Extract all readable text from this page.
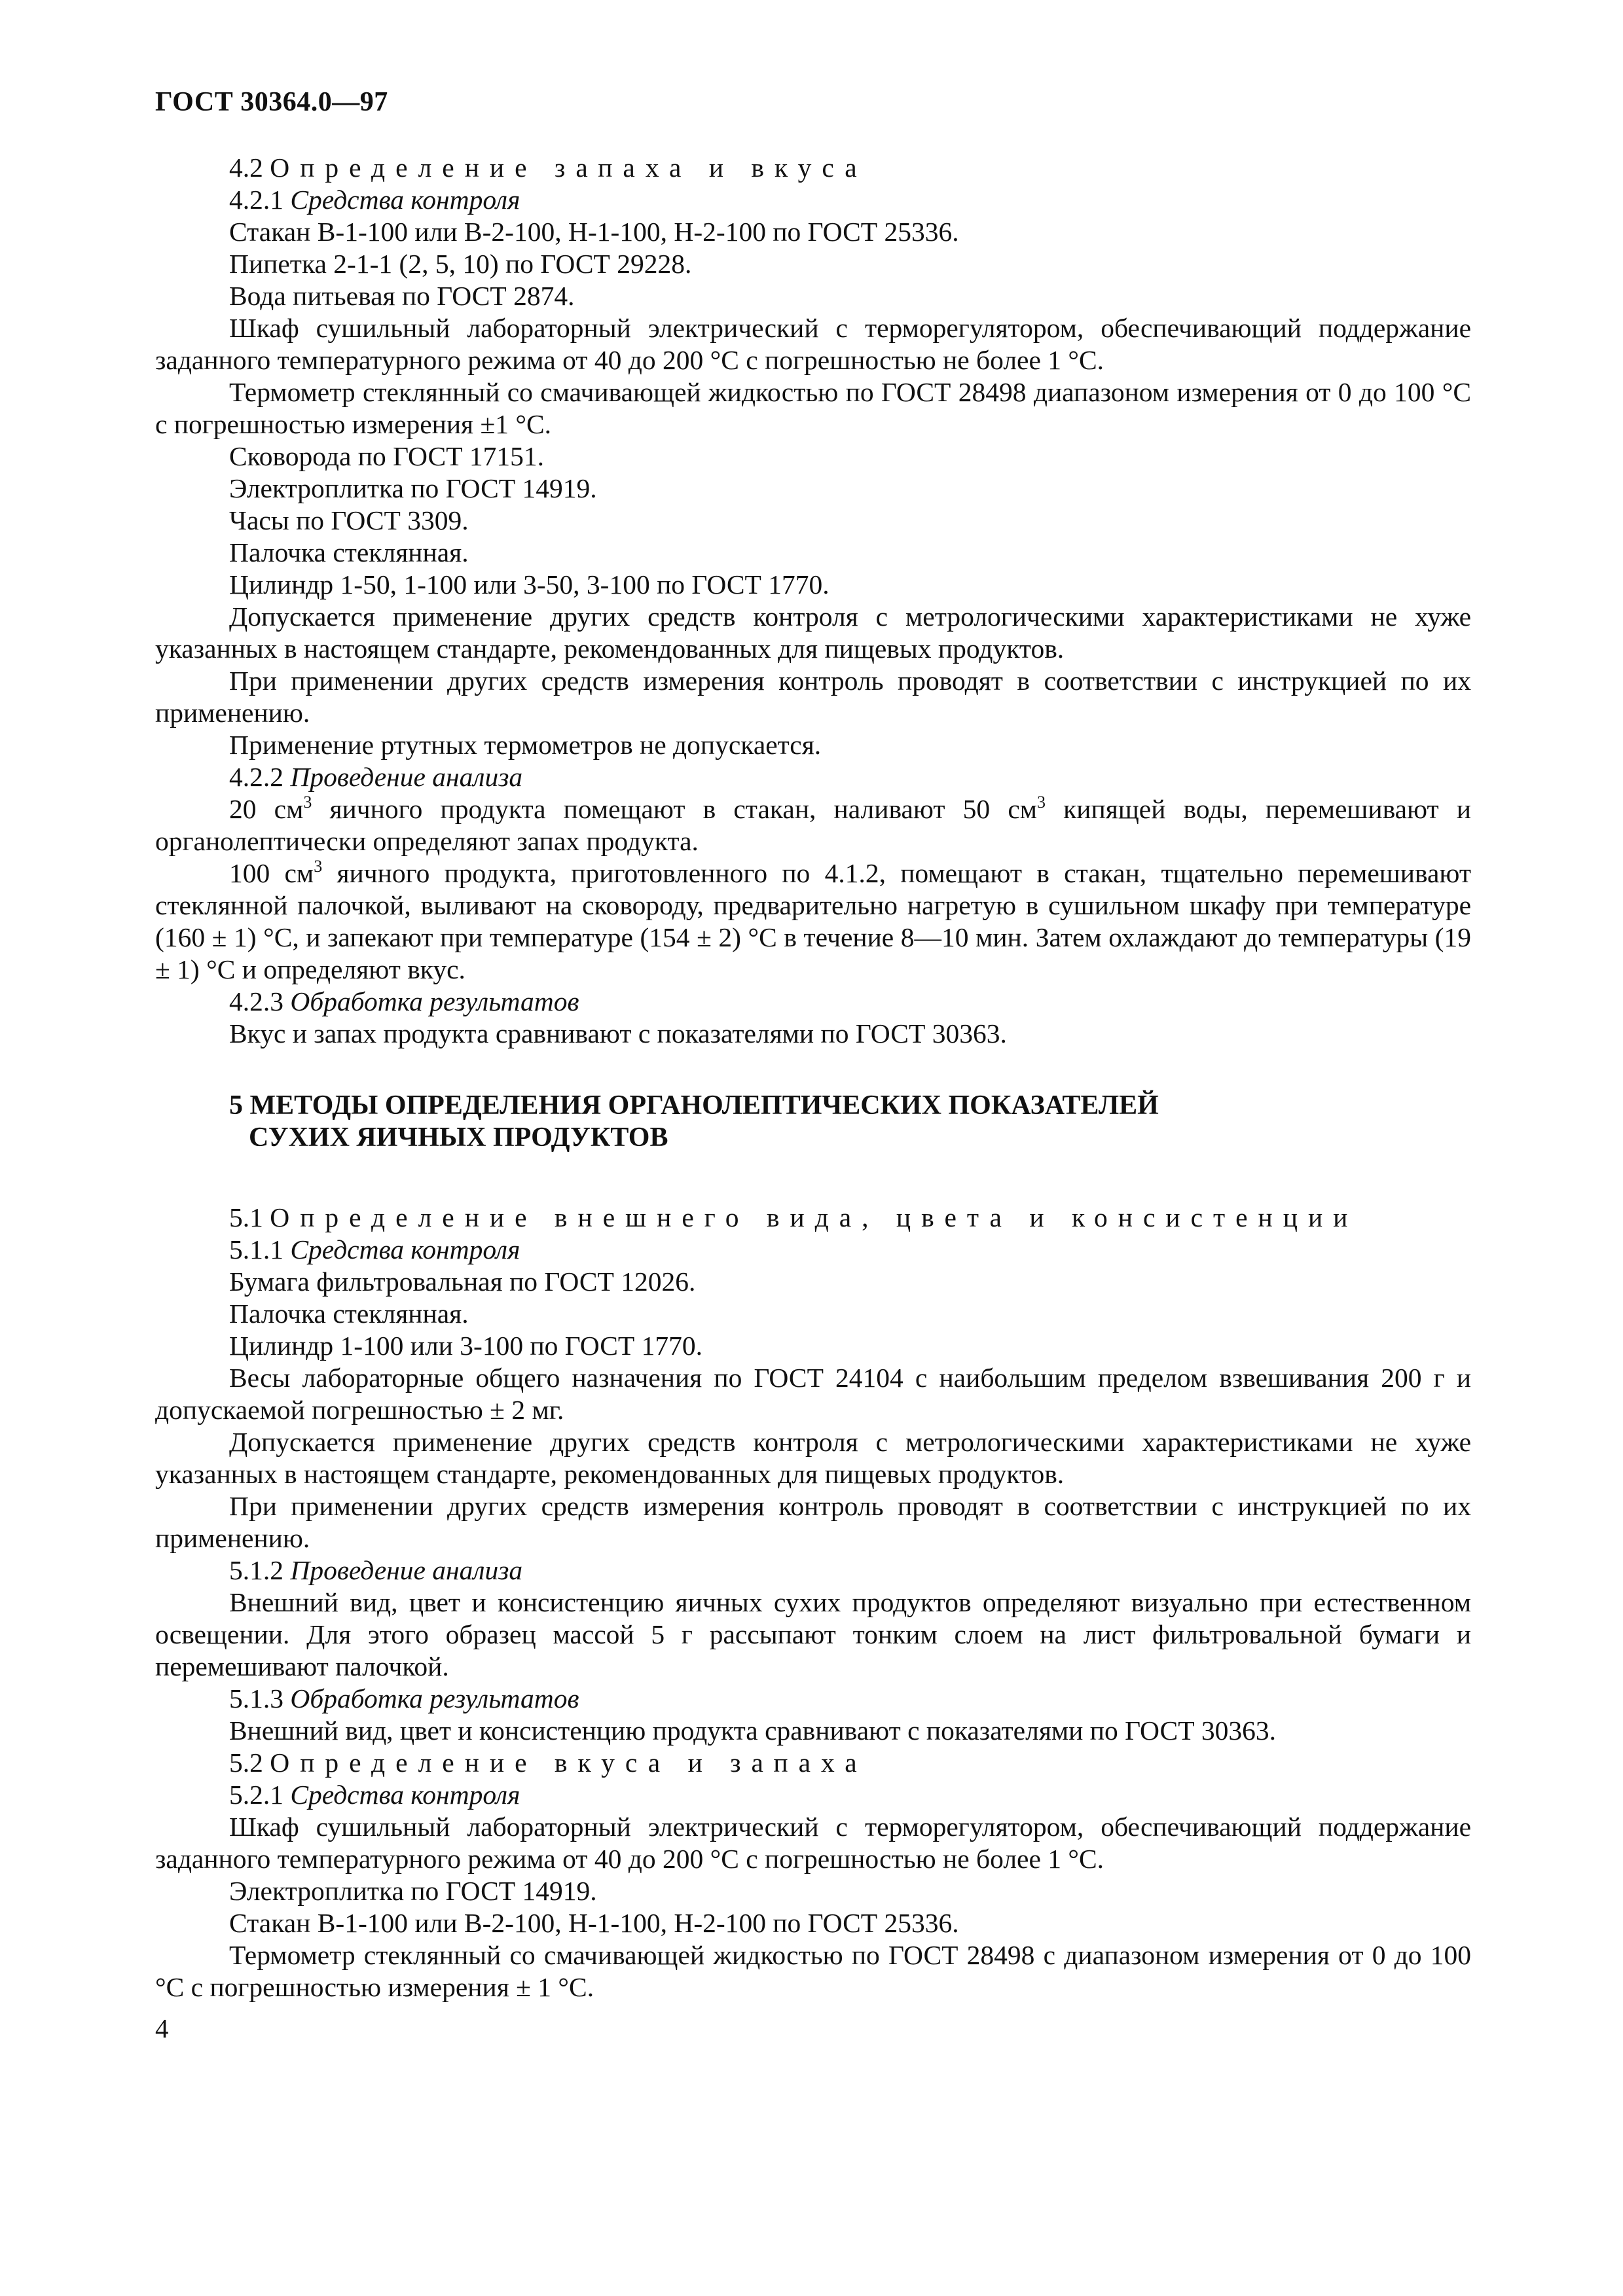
ГОСТ 30364.0—97

4.2 Определение запаха и вкуса

4.2.1 Средства контроля

Стакан В-1-100 или В-2-100, Н-1-100, Н-2-100 по ГОСТ 25336.

Пипетка 2-1-1 (2, 5, 10) по ГОСТ 29228.

Вода питьевая по ГОСТ 2874.

Шкаф сушильный лабораторный электрический с терморегулятором, обеспечивающий поддержание заданного температурного режима от 40 до 200 °С с погрешностью не более 1 °С.

Термометр стеклянный со смачивающей жидкостью по ГОСТ 28498 диапазоном измерения от 0 до 100 °С с погрешностью измерения ±1 °С.

Сковорода по ГОСТ 17151.

Электроплитка по ГОСТ 14919.

Часы по ГОСТ 3309.

Палочка стеклянная.

Цилиндр 1-50, 1-100 или 3-50, 3-100 по ГОСТ 1770.

Допускается применение других средств контроля с метрологическими характеристиками не хуже указанных в настоящем стандарте, рекомендованных для пищевых продуктов.

При применении других средств измерения контроль проводят в соответствии с инструкцией по их применению.

Применение ртутных термометров не допускается.

4.2.2 Проведение анализа

20 $см^3$ яичного продукта помещают в стакан, наливают 50 $см^3$ кипящей воды, перемешивают и органолептически определяют запах продукта.

100 $см^3$ яичного продукта, приготовленного по 4.1.2, помещают в стакан, тщательно перемешивают стеклянной палочкой, выливают на сковороду, предварительно нагретую в сушильном шкафу при температуре (160 ± 1) °С, и запекают при температуре (154 ± 2) °С в течение 8—10 мин. Затем охлаждают до температуры (19 ± 1) °С и определяют вкус.

4.2.3 Обработка результатов

Вкус и запах продукта сравнивают с показателями по ГОСТ 30363.

5 МЕТОДЫ ОПРЕДЕЛЕНИЯ ОРГАНОЛЕПТИЧЕСКИХ ПОКАЗАТЕЛЕЙ
СУХИХ ЯИЧНЫХ ПРОДУКТОВ

5.1 Определение внешнего вида, цвета и консистенции

5.1.1 Средства контроля

Бумага фильтровальная по ГОСТ 12026.

Палочка стеклянная.

Цилиндр 1-100 или 3-100 по ГОСТ 1770.

Весы лабораторные общего назначения по ГОСТ 24104 с наибольшим пределом взвешивания 200 г и допускаемой погрешностью ± 2 мг.

Допускается применение других средств контроля с метрологическими характеристиками не хуже указанных в настоящем стандарте, рекомендованных для пищевых продуктов.

При применении других средств измерения контроль проводят в соответствии с инструкцией по их применению.

5.1.2 Проведение анализа

Внешний вид, цвет и консистенцию яичных сухих продуктов определяют визуально при естественном освещении. Для этого образец массой 5 г рассыпают тонким слоем на лист фильтровальной бумаги и перемешивают палочкой.

5.1.3 Обработка результатов

Внешний вид, цвет и консистенцию продукта сравнивают с показателями по ГОСТ 30363.

5.2 Определение вкуса и запаха

5.2.1 Средства контроля

Шкаф сушильный лабораторный электрический с терморегулятором, обеспечивающий поддержание заданного температурного режима от 40 до 200 °С с погрешностью не более 1 °С.

Электроплитка по ГОСТ 14919.

Стакан В-1-100 или В-2-100, Н-1-100, Н-2-100 по ГОСТ 25336.

Термометр стеклянный со смачивающей жидкостью по ГОСТ 28498 с диапазоном измерения от 0 до 100 °С с погрешностью измерения ± 1 °С.

4
